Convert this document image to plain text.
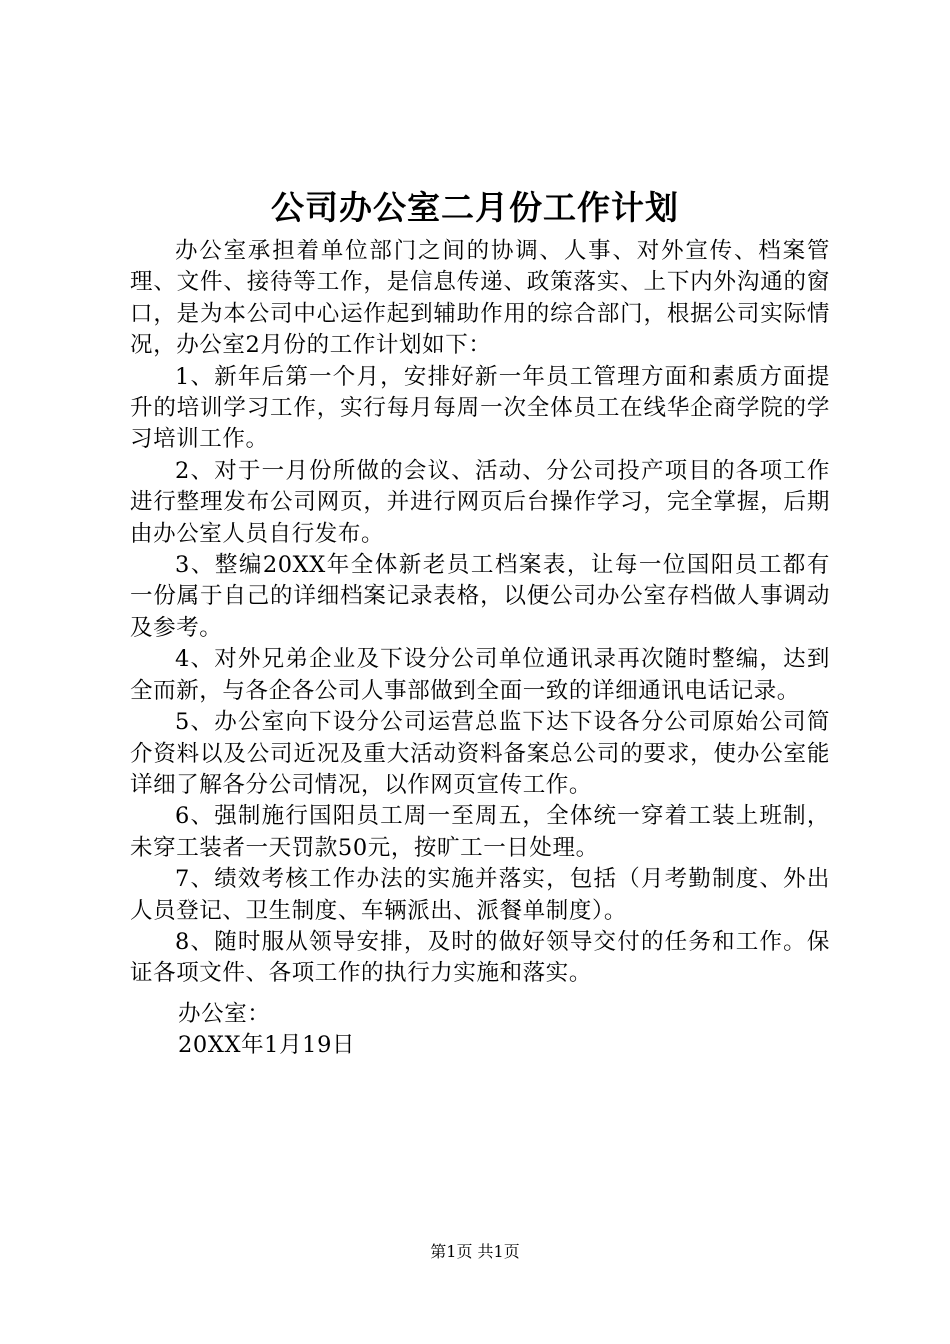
公司办公室二月份工作计划

办公室承担着单位部门之间的协调、人事、对外宣传、档案管理、文件、接待等工作，是信息传递、政策落实、上下内外沟通的窗口，是为本公司中心运作起到辅助作用的综合部门，根据公司实际情况，办公室2月份的工作计划如下：

1、新年后第一个月，安排好新一年员工管理方面和素质方面提升的培训学习工作，实行每月每周一次全体员工在线华企商学院的学习培训工作。

2、对于一月份所做的会议、活动、分公司投产项目的各项工作进行整理发布公司网页，并进行网页后台操作学习，完全掌握，后期由办公室人员自行发布。

3、整编20XX年全体新老员工档案表，让每一位国阳员工都有一份属于自己的详细档案记录表格，以便公司办公室存档做人事调动及参考。

4、对外兄弟企业及下设分公司单位通讯录再次随时整编，达到全而新，与各企各公司人事部做到全面一致的详细通讯电话记录。

5、办公室向下设分公司运营总监下达下设各分公司原始公司简介资料以及公司近况及重大活动资料备案总公司的要求，使办公室能详细了解各分公司情况，以作网页宣传工作。

6、强制施行国阳员工周一至周五，全体统一穿着工装上班制，未穿工装者一天罚款50元，按旷工一日处理。

7、绩效考核工作办法的实施并落实，包括（月考勤制度、外出人员登记、卫生制度、车辆派出、派餐单制度）。

8、随时服从领导安排，及时的做好领导交付的任务和工作。保证各项文件、各项工作的执行力实施和落实。

办公室：
20XX年1月19日
第1页 共1页
